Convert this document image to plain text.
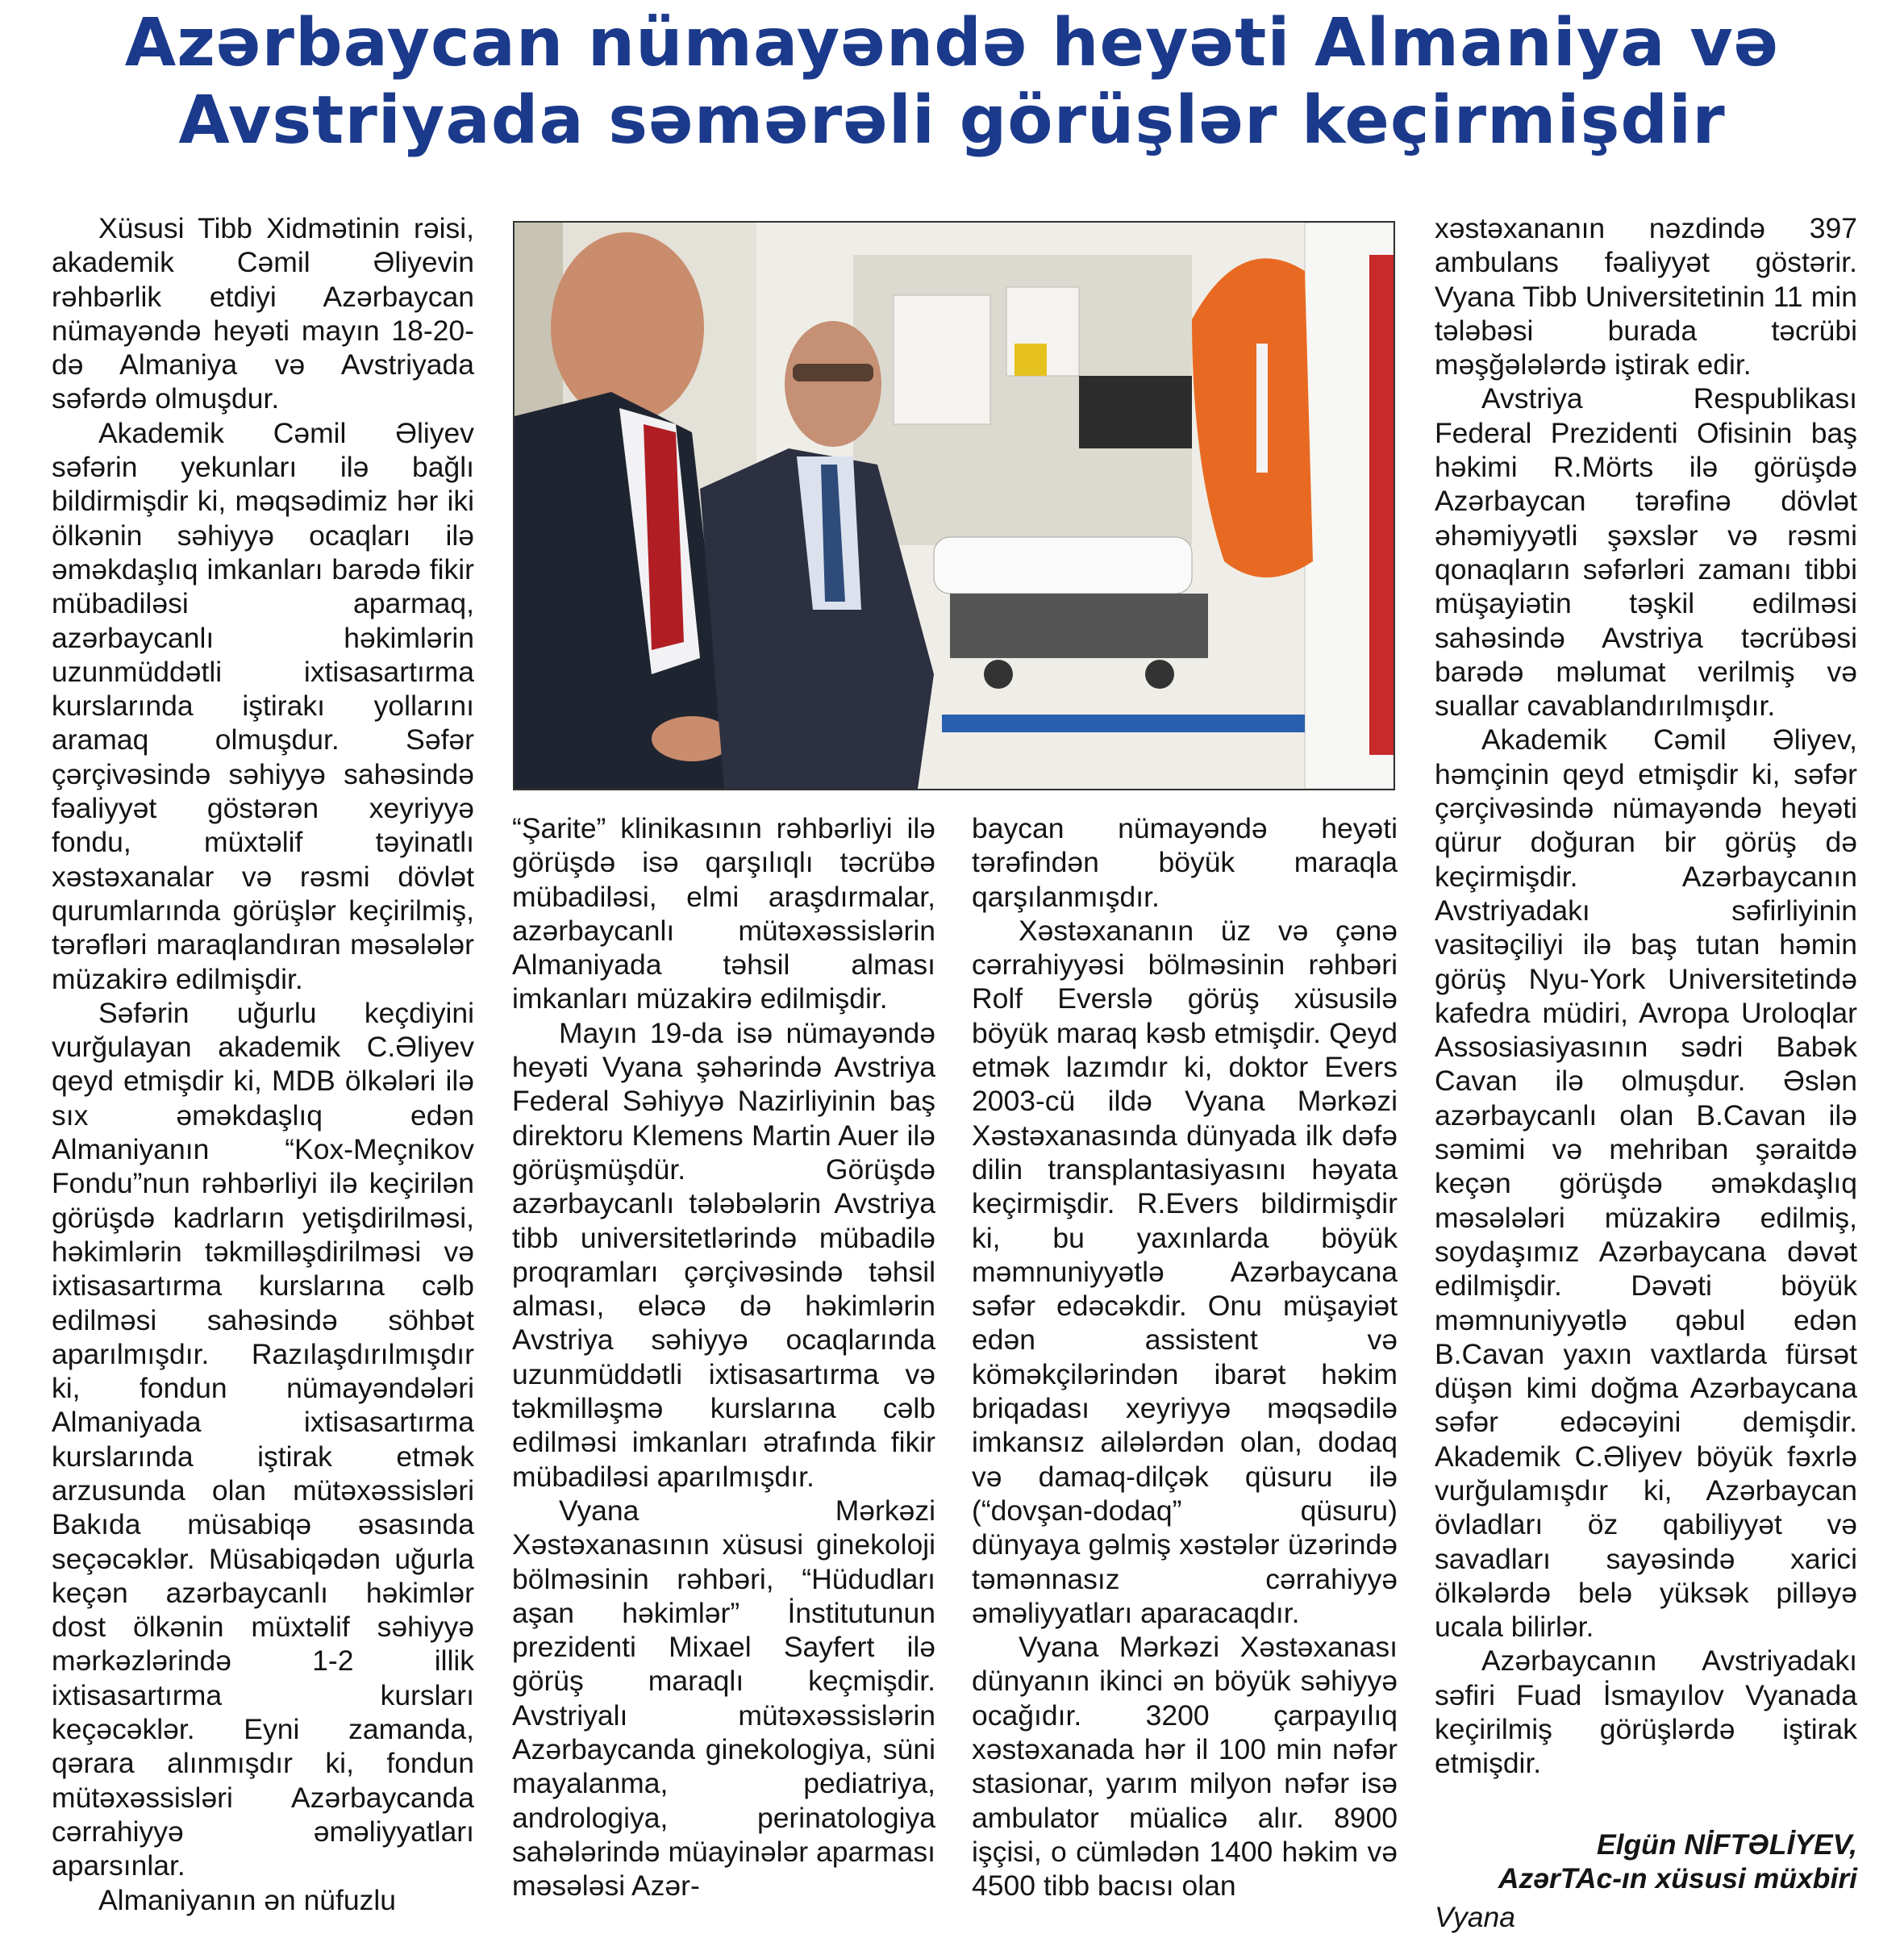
Azərbaycan nümayəndə heyəti Almaniya və Avstriyada səmərəli görüşlər keçirmişdir

Xüsusi Tibb Xidmətinin rəisi, akademik Cəmil Əliyevin rəhbərlik etdiyi Azərbaycan nümayəndə heyəti mayın 18-20-də Almaniya və Avstriyada səfərdə olmuşdur.

Akademik Cəmil Əliyev səfərin yekunları ilə bağlı bildirmişdir ki, məqsədimiz hər iki ölkənin səhiyyə ocaqları ilə əməkdaşlıq imkanları barədə fikir mübadiləsi aparmaq, azərbaycanlı həkimlərin uzunmüddətli ixtisasartırma kurslarında iştirakı yollarını aramaq olmuşdur. Səfər çərçivəsində səhiyyə sahəsində fəaliyyət göstərən xeyriyyə fondu, müxtəlif təyinatlı xəstəxanalar və rəsmi dövlət qurumlarında görüşlər keçirilmiş, tərəfləri maraqlandıran məsələlər müzakirə edilmişdir.

Səfərin uğurlu keçdiyini vurğulayan akademik C.Əliyev qeyd etmişdir ki, MDB ölkələri ilə sıx əməkdaşlıq edən Almaniyanın “Kox-Meçnikov Fondu”nun rəhbərliyi ilə keçirilən görüşdə kadrların yetişdirilməsi, həkimlərin təkmilləşdirilməsi və ixtisasartırma kurslarına cəlb edilməsi sahəsində söhbət aparılmışdır. Razılaşdırılmışdır ki, fondun nümayəndələri Almaniyada ixtisasartırma kurslarında iştirak etmək arzusunda olan mütəxəssisləri Bakıda müsabiqə əsasında seçəcəklər. Müsabiqədən uğurla keçən azərbaycanlı həkimlər dost ölkənin müxtəlif səhiyyə mərkəzlərində 1-2 illik ixtisasartırma kursları keçəcəklər. Eyni zamanda, qərara alınmışdır ki, fondun mütəxəssisləri Azərbaycanda cərrahiyyə əməliyyatları aparsınlar.

Almaniyanın ən nüfuzlu

“Şarite” klinikasının rəhbərliyi ilə görüşdə isə qarşılıqlı təcrübə mübadiləsi, elmi araşdırmalar, azərbaycanlı mütəxəssislərin Almaniyada təhsil alması imkanları müzakirə edilmişdir.

Mayın 19-da isə nümayəndə heyəti Vyana şəhərində Avstriya Federal Səhiyyə Nazirliyinin baş direktoru Klemens Martin Auer ilə görüşmüşdür. Görüşdə azərbaycanlı tələbələrin Avstriya tibb universitetlərində mübadilə proqramları çərçivəsində təhsil alması, eləcə də həkimlərin Avstriya səhiyyə ocaqlarında uzunmüddətli ixtisasartırma və təkmilləşmə kurslarına cəlb edilməsi imkanları ətrafında fikir mübadiləsi aparılmışdır.

Vyana Mərkəzi Xəstəxanasının xüsusi ginekoloji bölməsinin rəhbəri, “Hüdudları aşan həkimlər” İnstitutunun prezidenti Mixael Sayfert ilə görüş maraqlı keçmişdir. Avstriyalı mütəxəssislərin Azərbaycanda ginekologiya, süni mayalanma, pediatriya, andrologiya, perinatologiya sahələrində müayinələr aparması məsələsi Azər-

baycan nümayəndə heyəti tərəfindən böyük maraqla qarşılanmışdır.

Xəstəxananın üz və çənə cərrahiyyəsi bölməsinin rəhbəri Rolf Everslə görüş xüsusilə böyük maraq kəsb etmişdir. Qeyd etmək lazımdır ki, doktor Evers 2003-cü ildə Vyana Mərkəzi Xəstəxanasında dünyada ilk dəfə dilin transplantasiyasını həyata keçirmişdir. R.Evers bildirmişdir ki, bu yaxınlarda böyük məmnuniyyətlə Azərbaycana səfər edəcəkdir. Onu müşayiət edən assistent və köməkçilərindən ibarət həkim briqadası xeyriyyə məqsədilə imkansız ailələrdən olan, dodaq və damaq-dilçək qüsuru ilə (“dovşan-dodaq” qüsuru) dünyaya gəlmiş xəstələr üzərində təmənnasız cərrahiyyə əməliyyatları aparacaqdır.

Vyana Mərkəzi Xəstəxanası dünyanın ikinci ən böyük səhiyyə ocağıdır. 3200 çarpayılıq xəstəxanada hər il 100 min nəfər stasionar, yarım milyon nəfər isə ambulator müalicə alır. 8900 işçisi, o cümlədən 1400 həkim və 4500 tibb bacısı olan

xəstəxananın nəzdində 397 ambulans fəaliyyət göstərir. Vyana Tibb Universitetinin 11 min tələbəsi burada təcrübi məşğələlərdə iştirak edir.

Avstriya Respublikası Federal Prezidenti Ofisinin baş həkimi R.Mörts ilə görüşdə Azərbaycan tərəfinə dövlət əhəmiyyətli şəxslər və rəsmi qonaqların səfərləri zamanı tibbi müşayiətin təşkil edilməsi sahəsində Avstriya təcrübəsi barədə məlumat verilmiş və suallar cavablandırılmışdır.

Akademik Cəmil Əliyev, həmçinin qeyd etmişdir ki, səfər çərçivəsində nümayəndə heyəti qürur doğuran bir görüş də keçirmişdir. Azərbaycanın Avstriyadakı səfirliyinin vasitəçiliyi ilə baş tutan həmin görüş Nyu-York Universitetində kafedra müdiri, Avropa Uroloqlar Assosiasiyasının sədri Babək Cavan ilə olmuşdur. Əslən azərbaycanlı olan B.Cavan ilə səmimi və mehriban şəraitdə keçən görüşdə əməkdaşlıq məsələləri müzakirə edilmiş, soydaşımız Azərbaycana dəvət edilmişdir. Dəvəti böyük məmnuniyyətlə qəbul edən B.Cavan yaxın vaxtlarda fürsət düşən kimi doğma Azərbaycana səfər edəcəyini demişdir. Akademik C.Əliyev böyük fəxrlə vurğulamışdır ki, Azərbaycan övladları öz qabiliyyət və savadları sayəsində xarici ölkələrdə belə yüksək pilləyə ucala bilirlər.

Azərbaycanın Avstriyadakı səfiri Fuad İsmayılov Vyanada keçirilmiş görüşlərdə iştirak etmişdir.

Elgün NİFTƏLİYEV,
AzərTAc-ın xüsusi müxbiri
Vyana
